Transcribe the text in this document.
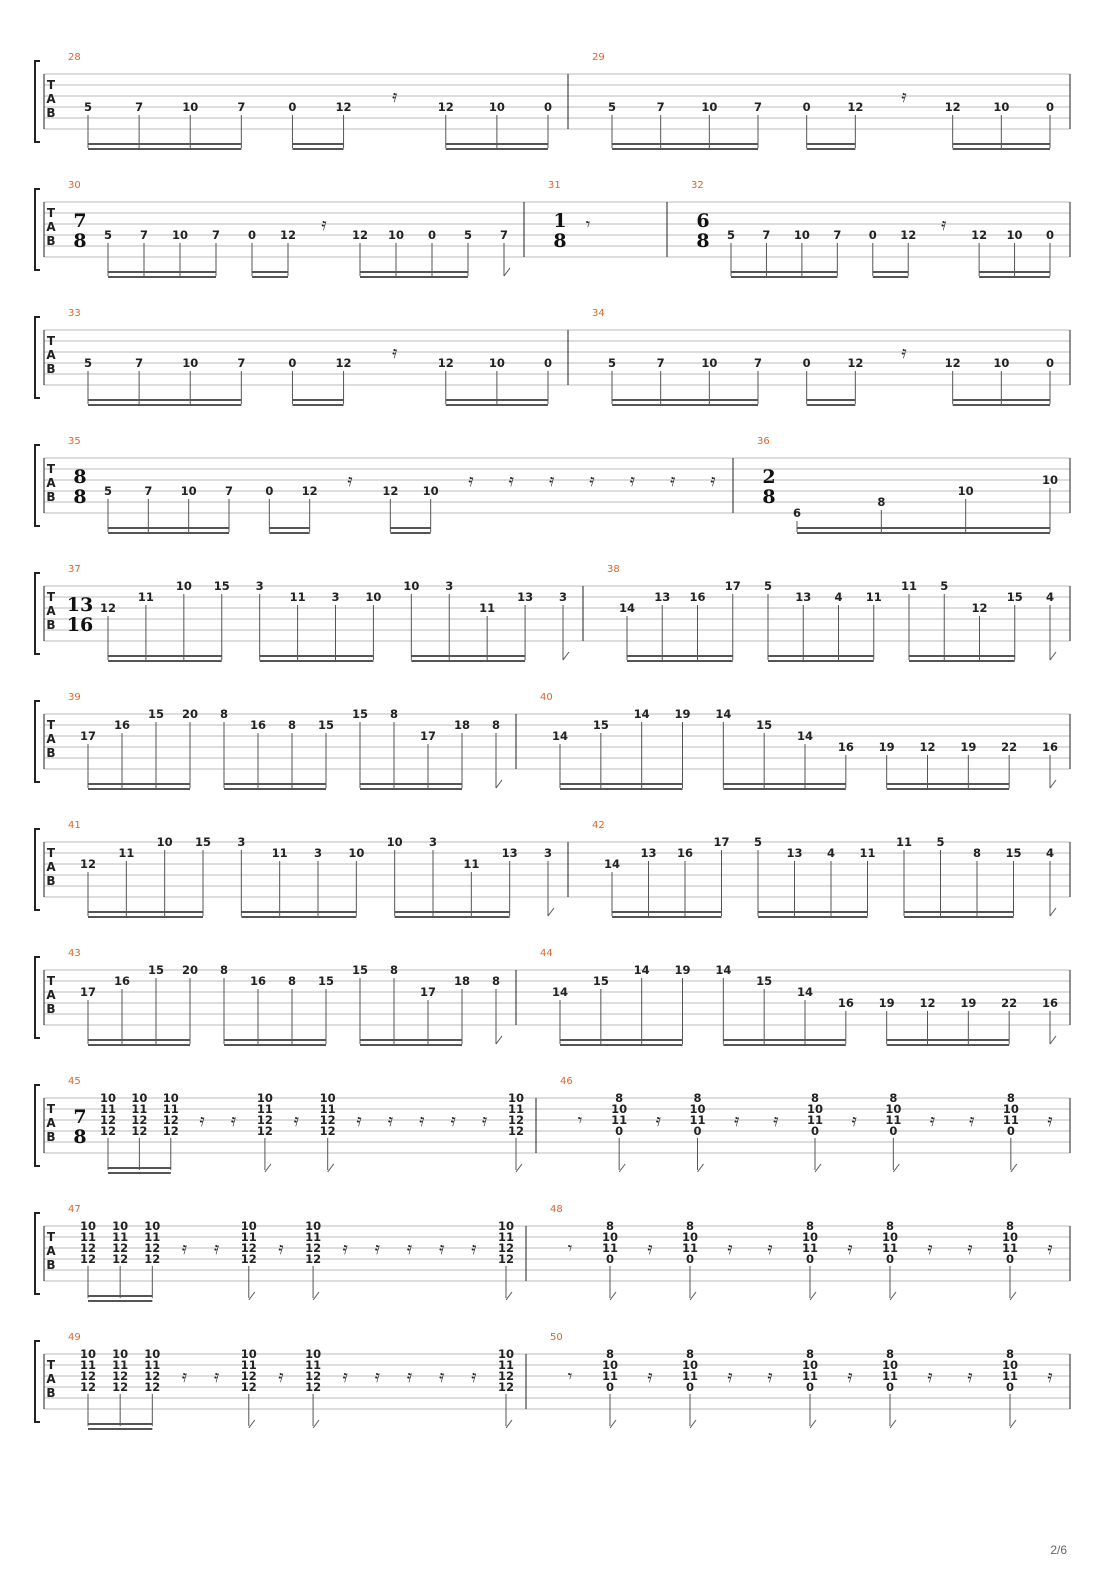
T
A
B
28
5	7	10	7	0	12 𝄿	12	10	0
29
5	7	10	7	0	12 𝄿	12	10	0
T
A
B
30
7
8 5 7 10 7 0 12 𝄿 12 10 0 5 7
31
1
8
𝄾
32
6
8 5 7 10 7 0 12 𝄿 12 10 0
T
A
B
33
5	7	10	7	0	12 𝄿	12	10	0
34
5	7	10	7	0	12 𝄿	12	10	0
T
A
B
35
8
8 5	7 10 7	0 12 𝄿	12 10 𝄿 𝄿 𝄿 𝄿 𝄿 𝄿 𝄿
36
2
8
6
8
10
10
T
A
B
37
13
16
12
11
10 15 3
11 3 10
10 3
11
13 3
38
14
13 16
17 5
13 4 11
11 5
12
15 4
T
A
B
39
17
16
15 20 8
16 8 15
15 8
17
18 8
40
14
15
14 19 14
15
14
16 19 12 19 22 16
T
A
B
41
12
11
10 15 3
11 3 10
10 3
11
13 3
42
14
13 16
17 5
13 4 11
11 5
8 15 4
T
A
B
43
17
16
15 20 8
16 8 15
15 8
17
18 8
44
14
15
14 19 14
15
14
16 19 12 19 22 16
T
A
B
45
7
8
10
11
12
12
10
11
12
12
10
11
12
12 𝄿 𝄿
10
11
12
12 𝄿
10
11
12
12 𝄿 𝄿 𝄿 𝄿 𝄿
10
11
12
12
46
𝄾
8
10
11
0 𝄿
8
10
11
0 𝄿 𝄿
8
10
11
0 𝄿
8
10
11
0 𝄿 𝄿
8
10
11
0 𝄿
T
A
B
47
10
11
12
12
10
11
12
12
10
11
12
12 𝄿 𝄿
10
11
12
12 𝄿
10
11
12
12 𝄿 𝄿 𝄿 𝄿 𝄿
10
11
12
12
48
𝄾
8
10
11
0 𝄿
8
10
11
0 𝄿 𝄿
8
10
11
0 𝄿
8
10
11
0 𝄿 𝄿
8
10
11
0 𝄿
T
A
B
49
10
11
12
12
10
11
12
12
10
11
12
12 𝄿 𝄿
10
11
12
12 𝄿
10
11
12
12 𝄿 𝄿 𝄿 𝄿 𝄿
10
11
12
12
50
𝄾
8
10
11
0 𝄿
8
10
11
0 𝄿 𝄿
8
10
11
0 𝄿
8
10
11
0 𝄿 𝄿
8
10
11
0 𝄿
2/6
